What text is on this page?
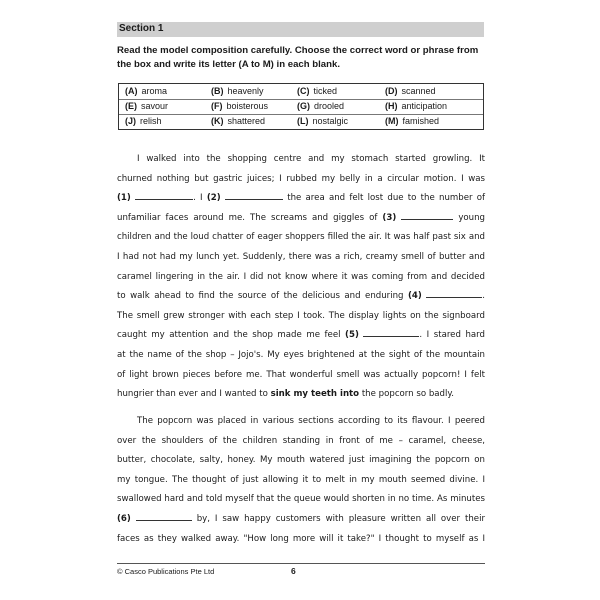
Section 1
Read the model composition carefully. Choose the correct word or phrase from the box and write its letter (A to M) in each blank.
(A) aroma	(B) heavenly	(C) ticked	(D) scanned
(E) savour	(F) boisterous	(G) drooled	(H) anticipation
(J) relish	(K) shattered	(L) nostalgic	(M) famished
I walked into the shopping centre and my stomach started growling. It
churned nothing but gastric juices; I rubbed my belly in a circular motion. I was
(1)	. I (2)	the area and felt lost due to the number of
unfamiliar faces around me. The screams and giggles of (3)	young
children and the loud chatter of eager shoppers filled the air. It was half past six and
I had not had my lunch yet. Suddenly, there was a rich, creamy smell of butter and
caramel lingering in the air. I did not know where it was coming from and decided
to walk ahead to find the source of the delicious and enduring (4)	.
The smell grew stronger with each step I took. The display lights on the signboard
caught my attention and the shop made me feel (5)	. I stared hard
at the name of the shop – Jojo's. My eyes brightened at the sight of the mountain
of light brown pieces before me. That wonderful smell was actually popcorn! I felt
hungrier than ever and I wanted to sink my teeth into the popcorn so badly.
The popcorn was placed in various sections according to its flavour. I peered
over the shoulders of the children standing in front of me – caramel, cheese,
butter, chocolate, salty, honey. My mouth watered just imagining the popcorn on
my tongue. The thought of just allowing it to melt in my mouth seemed divine. I
swallowed hard and told myself that the queue would shorten in no time. As minutes
(6)	by, I saw happy customers with pleasure written all over their
faces as they walked away. "How long more will it take?" I thought to myself as I
© Casco Publications Pte Ltd	6
